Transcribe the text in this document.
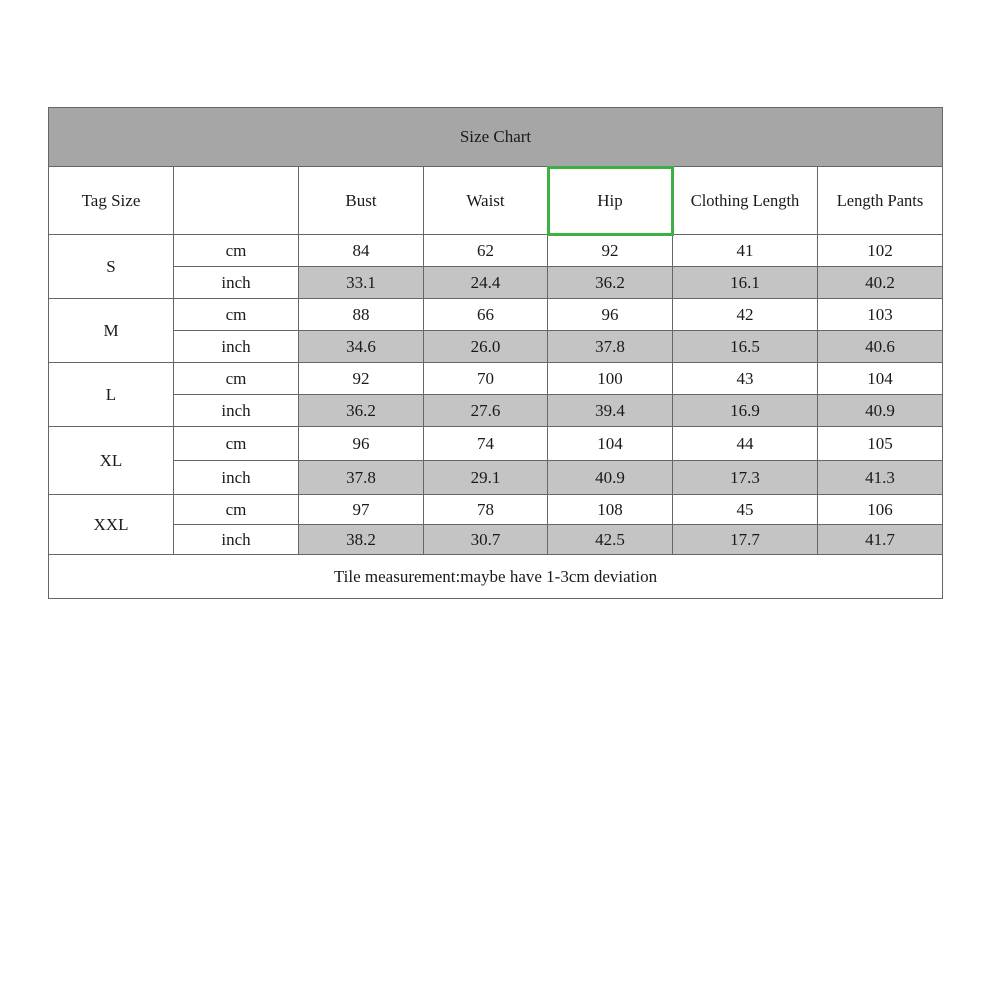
Size Chart						
Tag Size		Bust	Waist	Hip	Clothing Length	Length Pants
S	cm	84	62	92	41	102
	inch	33.1	24.4	36.2	16.1	40.2
M	cm	88	66	96	42	103
	inch	34.6	26.0	37.8	16.5	40.6
L	cm	92	70	100	43	104
	inch	36.2	27.6	39.4	16.9	40.9
XL	cm	96	74	104	44	105
	inch	37.8	29.1	40.9	17.3	41.3
XXL	cm	97	78	108	45	106
	inch	38.2	30.7	42.5	17.7	41.7
Tile measurement:maybe have 1-3cm deviation						
